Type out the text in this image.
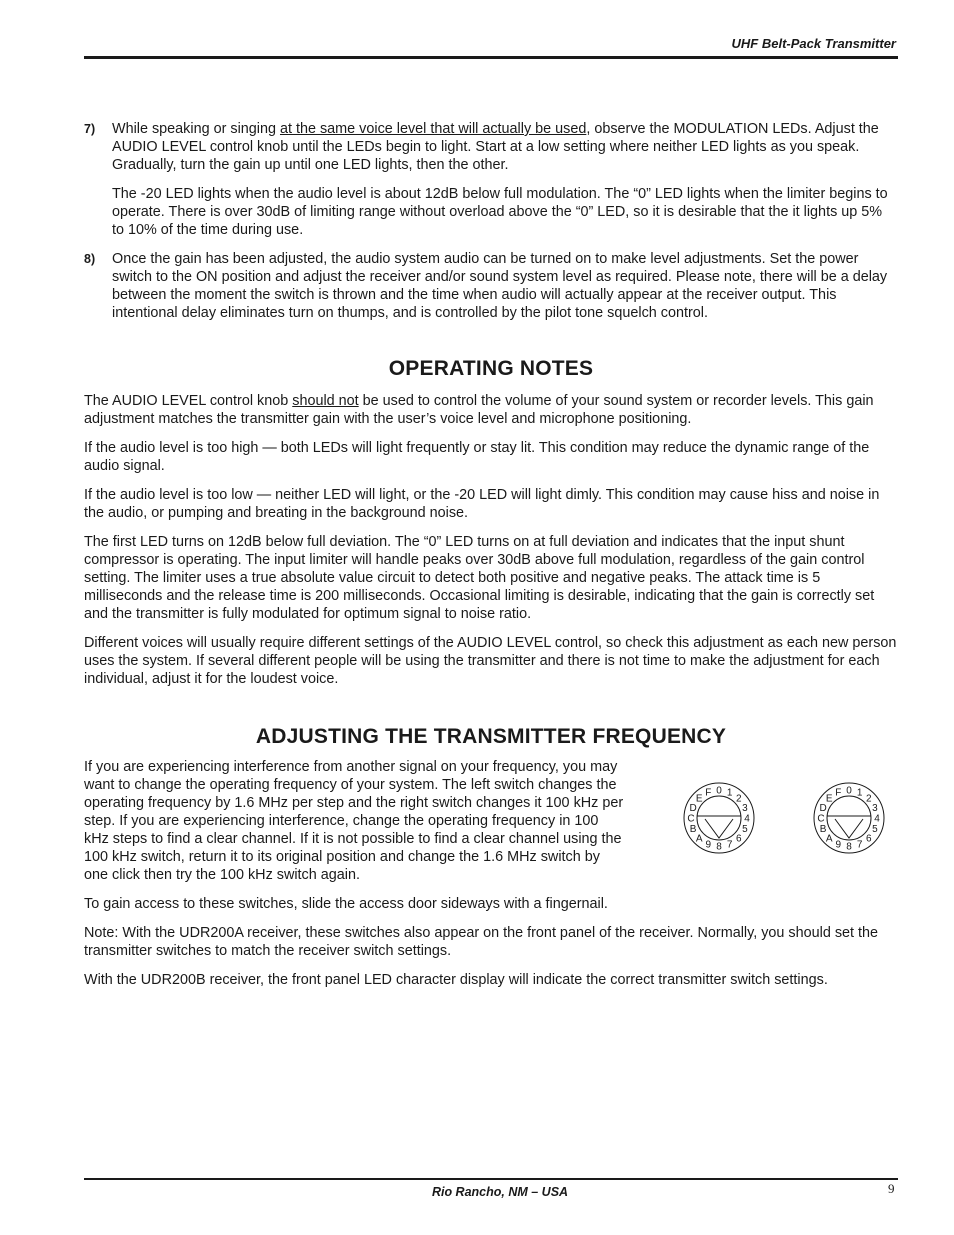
UHF Belt-Pack Transmitter
7) While speaking or singing at the same voice level that will actually be used, observe the MODULATION LEDs. Adjust the AUDIO LEVEL control knob until the LEDs begin to light. Start at a low setting where neither LED lights as you speak. Gradually, turn the gain up until one LED lights, then the other.

The -20 LED lights when the audio level is about 12dB below full modulation. The “0” LED lights when the limiter begins to operate. There is over 30dB of limiting range without overload above the “0” LED, so it is desirable that the it lights up 5% to 10% of the time during use.

8) Once the gain has been adjusted, the audio system audio can be turned on to make level adjustments. Set the power switch to the ON position and adjust the receiver and/or sound system level as required. Please note, there will be a delay between the moment the switch is thrown and the time when audio will actually appear at the receiver output. This intentional delay eliminates turn on thumps, and is controlled by the pilot tone squelch control.

OPERATING NOTES

The AUDIO LEVEL control knob should not be used to control the volume of your sound system or recorder levels. This gain adjustment matches the transmitter gain with the user’s voice level and microphone positioning.

If the audio level is too high — both LEDs will light frequently or stay lit. This condition may reduce the dynamic range of the audio signal.

If the audio level is too low — neither LED will light, or the -20 LED will light dimly. This condition may cause hiss and noise in the audio, or pumping and breating in the background noise.

The first LED turns on 12dB below full deviation. The “0” LED turns on at full deviation and indicates that the input shunt compressor is operating. The input limiter will handle peaks over 30dB above full modulation, regardless of the gain control setting. The limiter uses a true absolute value circuit to detect both positive and negative peaks. The attack time is 5 milliseconds and the release time is 200 milliseconds. Occasional limiting is desirable, indicating that the gain is correctly set and the transmitter is fully modulated for optimum signal to noise ratio.

Different voices will usually require different settings of the AUDIO LEVEL control, so check this adjustment as each new person uses the system. If several different people will be using the transmitter and there is not time to make the adjustment for each individual, adjust it for the loudest voice.

ADJUSTING THE TRANSMITTER FREQUENCY

If you are experiencing interference from another signal on your frequency, you may want to change the operating frequency of your system. The left switch changes the operating frequency by 1.6 MHz per step and the right switch changes it 100 kHz per step. If you are experiencing interference, change the operating frequency in 100 kHz steps to find a clear channel. If it is not possible to find a clear channel using the 100 kHz switch, return it to its original position and change the 1.6 MHz switch by one click then try the 100 kHz switch again.

0 1
2
3
4
5
6
7
8
9
A
B
C
D
E
F	0 1
2
3
4
5
6
7
8
9
A
B
C
D
E
F

To gain access to these switches, slide the access door sideways with a fingernail.

Note: With the UDR200A receiver, these switches also appear on the front panel of the receiver. Normally, you should set the transmitter switches to match the receiver switch settings.

With the UDR200B receiver, the front panel LED character display will indicate the correct transmitter switch settings.

Rio Rancho, NM – USA	9
